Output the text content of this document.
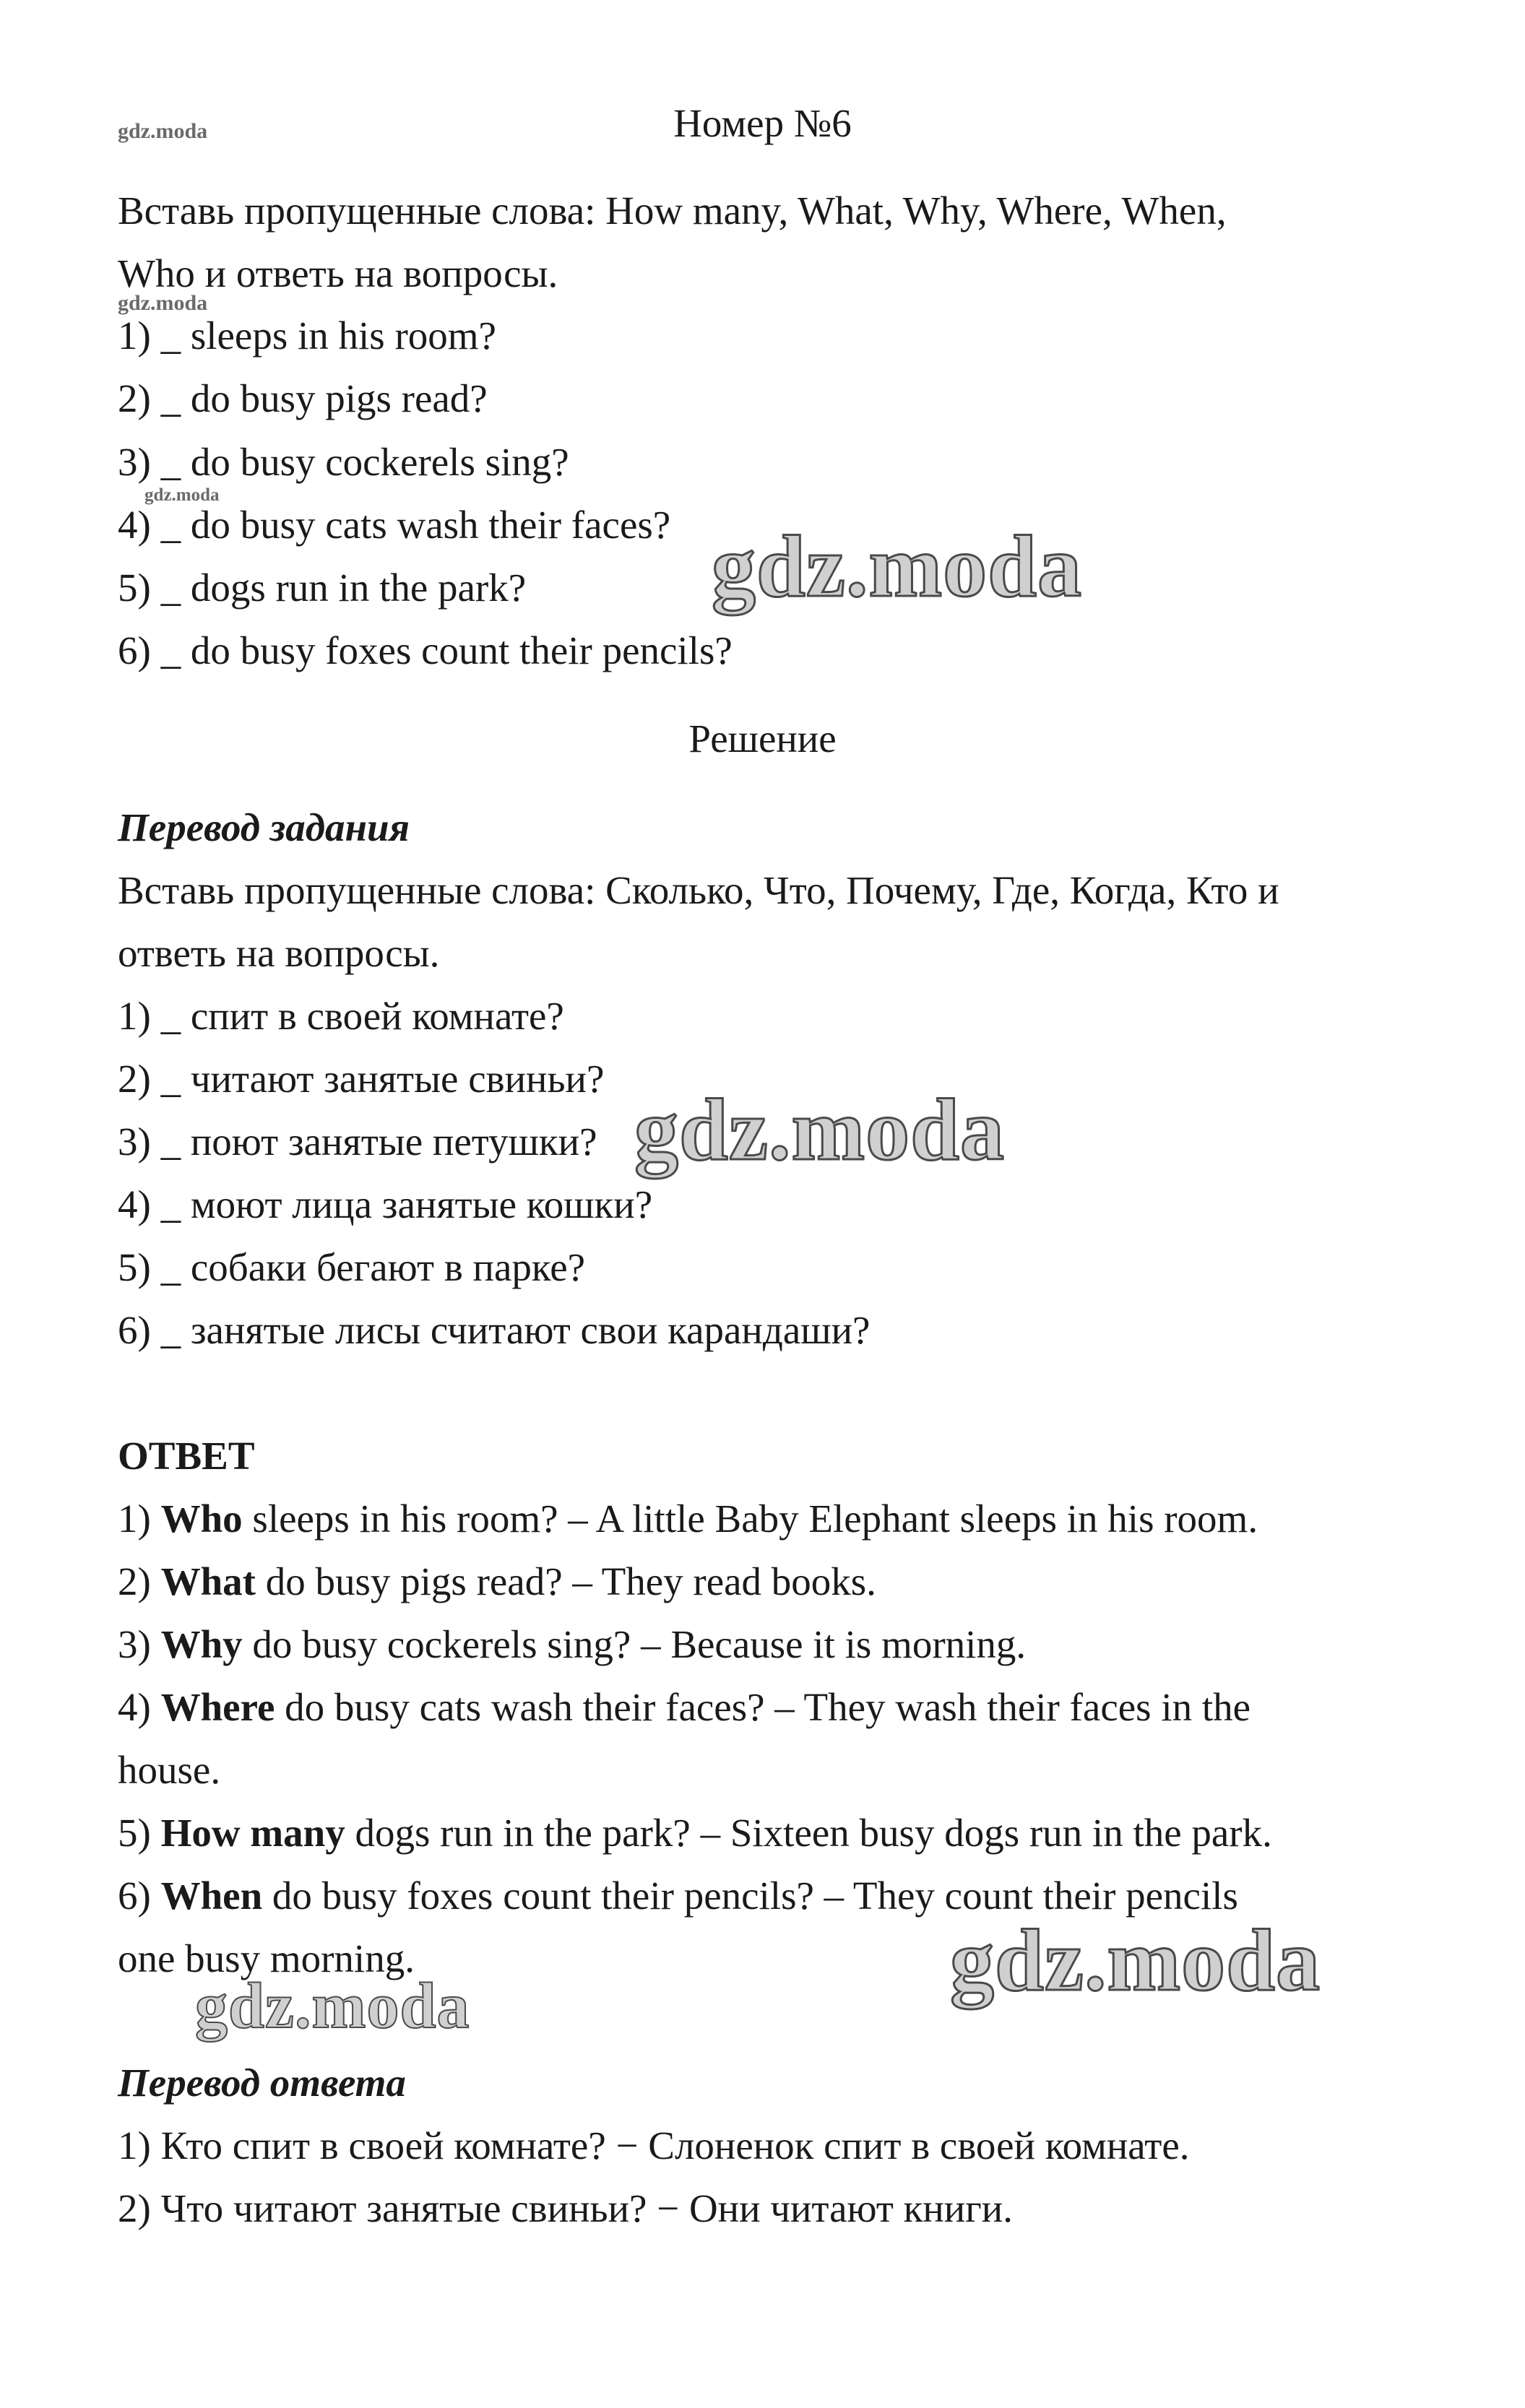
gdz.moda	Номер №6
Вставь пропущенные слова: How many, What, Why, Where, When,
Who и ответь на вопросы.
gdz.moda
1) _ sleeps in his room?
2) _ do busy pigs read?
3) _ do busy cockerels sing?
gdz.moda
4) _ do busy cats wash their faces?
5) _ dogs run in the park?
6) _ do busy foxes count their pencils?
gdz.moda
Решение
Перевод задания
Вставь пропущенные слова: Сколько, Что, Почему, Где, Когда, Кто и
ответь на вопросы.
1) _ спит в своей комнате?
2) _ читают занятые свиньи?
3) _ поют занятые петушки?
4) _ моют лица занятые кошки?
5) _ собаки бегают в парке?
6) _ занятые лисы считают свои карандаши?
gdz.moda
ОТВЕТ
1) Who sleeps in his room? – A little Baby Elephant sleeps in his room.
2) What do busy pigs read? – They read books.
3) Why do busy cockerels sing? – Because it is morning.
4) Where do busy cats wash their faces? – They wash their faces in the
house.
5) How many dogs run in the park? – Sixteen busy dogs run in the park.
6) When do busy foxes count their pencils? – They count their pencils
one busy morning.	gdz.moda
gdz.moda
Перевод ответа
1) Кто спит в своей комнате? − Слоненок спит в своей комнате.
2) Что читают занятые свиньи? − Они читают книги.
